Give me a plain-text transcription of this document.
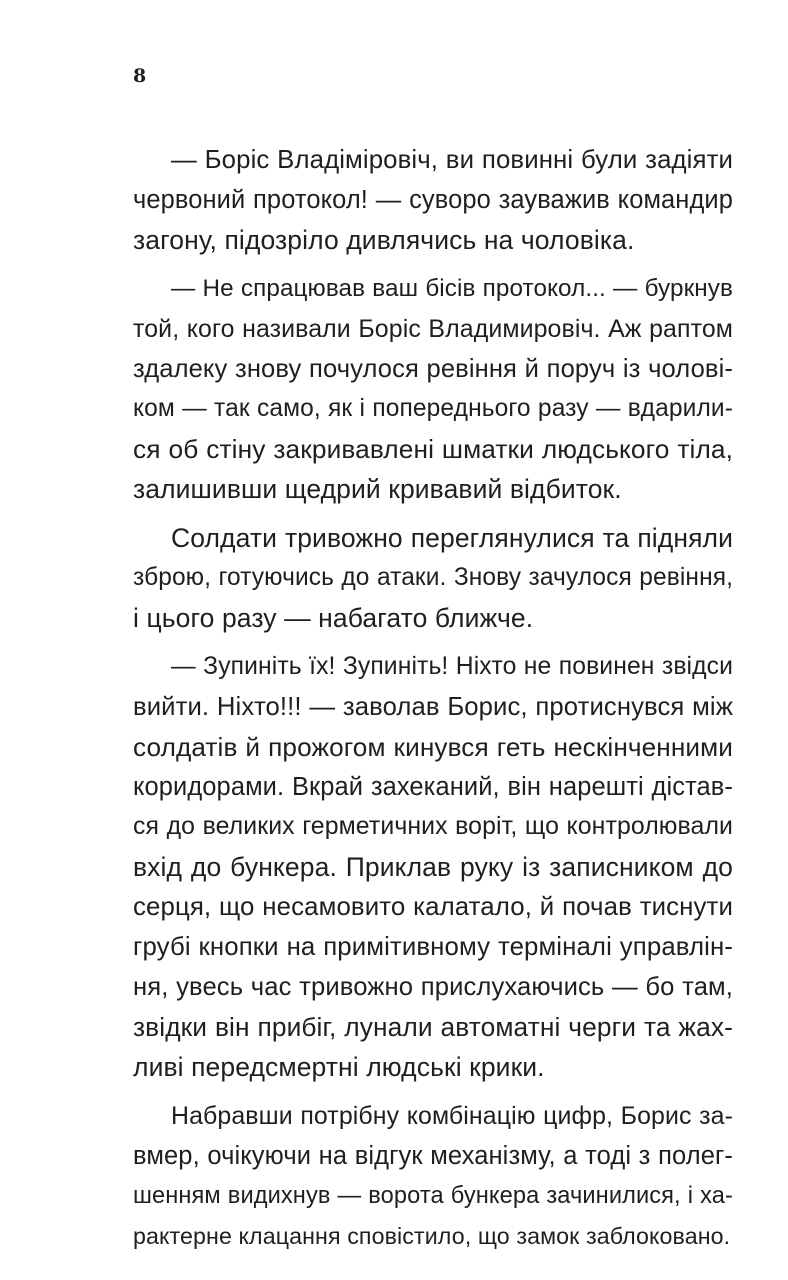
8

— Боріс Владіміровіч, ви повинні були задіяти
червоний протокол! — суворо зауважив командир
загону, підозріло дивлячись на чоловіка.
— Не спрацював ваш бісів протокол... — буркнув
той, кого називали Боріс Владимировіч. Аж раптом
здалеку знову почулося ревіння й поруч із чолові-
ком — так само, як і попереднього разу — вдарили-
ся об стіну закривавлені шматки людського тіла,
залишивши щедрий кривавий відбиток.
Солдати тривожно переглянулися та підняли
зброю, готуючись до атаки. Знову зачулося ревіння,
і цього разу — набагато ближче.
— Зупиніть їх! Зупиніть! Ніхто не повинен звідси
вийти. Ніхто!!! — заволав Борис, протиснувся між
солдатів й прожогом кинувся геть нескінченними
коридорами. Вкрай захеканий, він нарешті дістав-
ся до великих герметичних воріт, що контролювали
вхід до бункера. Приклав руку із записником до
серця, що несамовито калатало, й почав тиснути
грубі кнопки на примітивному терміналі управлін-
ня, увесь час тривожно прислухаючись — бо там,
звідки він прибіг, лунали автоматні черги та жах-
ливі передсмертні людські крики.
Набравши потрібну комбінацію цифр, Борис за-
вмер, очікуючи на відгук механізму, а тоді з полег-
шенням видихнув — ворота бункера зачинилися, і ха-
рактерне клацання сповістило, що замок заблоковано.
